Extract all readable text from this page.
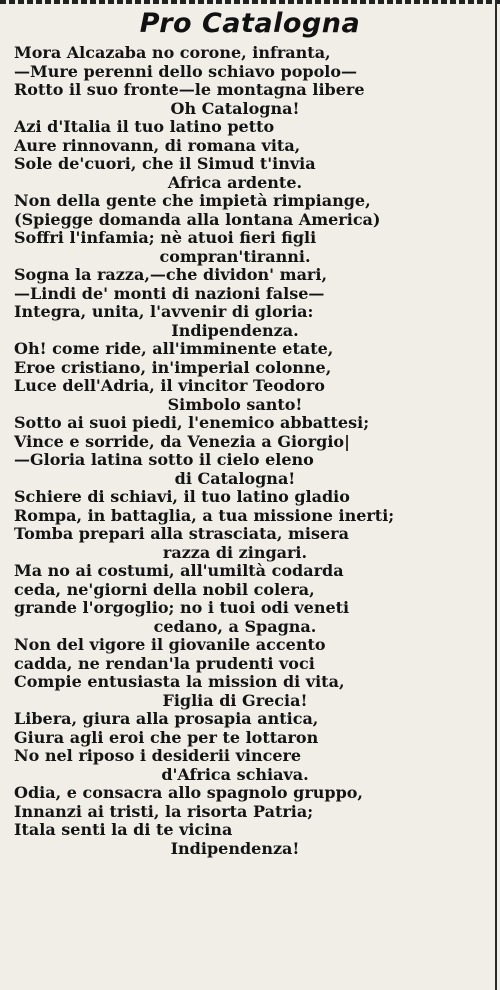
Pro Catalogna
Mora Alcazaba no corone, infranta,
—Mure perenni dello schiavo popolo—
Rotto il suo fronte—le montagna libere
Oh Catalogna!
Azi d'Italia il tuo latino petto
Aure rinnovann, di romana vita,
Sole de'cuori, che il Simud t'invia
Africa ardente.
Non della gente che impietà rimpiange,
(Spiegge domanda alla lontana America)
Soffri l'infamia; nè atuoi fieri figli
compran'tiranni.
Sogna la razza,—che dividon' mari,
—Lindi de' monti di nazioni false—
Integra, unita, l'avvenir di gloria:
Indipendenza.
Oh! come ride, all'imminente etate,
Eroe cristiano, in'imperial colonne,
Luce dell'Adria, il vincitor Teodoro
Simbolo santo!
Sotto ai suoi piedi, l'enemico abbattesi;
Vince e sorride, da Venezia a Giorgio|
—Gloria latina sotto il cielo eleno
di Catalogna!
Schiere di schiavi, il tuo latino gladio
Rompa, in battaglia, a tua missione inerti;
Tomba prepari alla strasciata, misera
razza di zingari.
Ma no ai costumi, all'umiltà codarda
ceda, ne'giorni della nobil colera,
grande l'orgoglio; no i tuoi odi veneti
cedano, a Spagna.
Non del vigore il giovanile accento
cadda, ne rendan'la prudenti voci
Compie entusiasta la mission di vita,
Figlia di Grecia!
Libera, giura alla prosapia antica,
Giura agli eroi che per te lottaron
No nel riposo i desiderii vincere
d'Africa schiava.
Odia, e consacra allo spagnolo gruppo,
Innanzi ai tristi, la risorta Patria;
Itala senti la di te vicina
Indipendenza!
